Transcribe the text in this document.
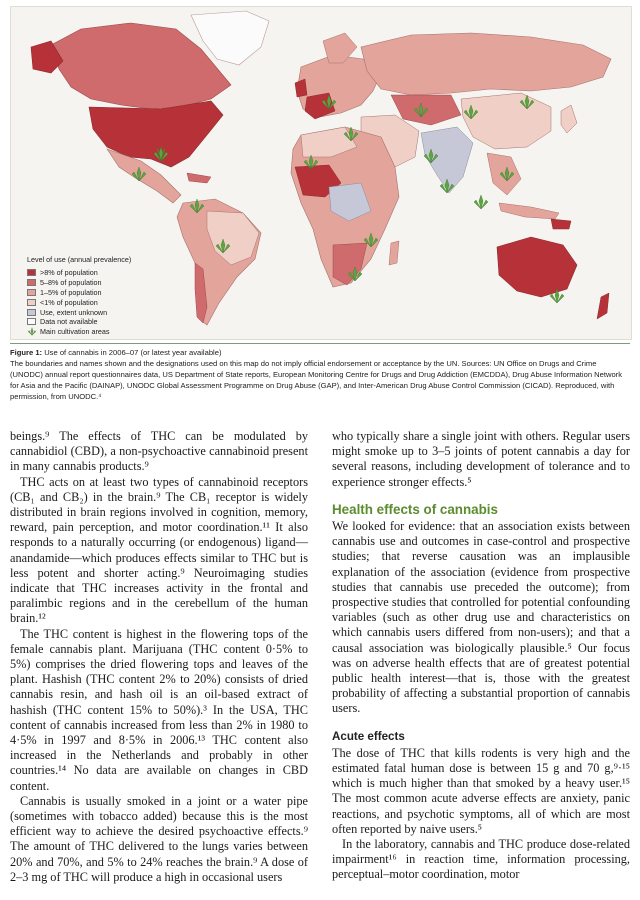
Level of use (annual prevalence)
>8% of population
5–8% of population
1–5% of population
<1% of population
Use, extent unknown
Data not available
Main cultivation areas
Figure 1: Use of cannabis in 2006–07 (or latest year available)
The boundaries and names shown and the designations used on this map do not imply official endorsement or acceptance by the UN. Sources: UN Office on Drugs and Crime (UNODC) annual report questionnaires data, US Department of State reports, European Monitoring Centre for Drugs and Drug Addiction (EMCDDA), Drug Abuse Information Network for Asia and the Pacific (DAINAP), UNODC Global Assessment Programme on Drug Abuse (GAP), and Inter-American Drug Abuse Control Commission (CICAD). Reproduced, with permission, from UNODC.⁴

beings.⁹ The effects of THC can be modulated by cannabidiol (CBD), a non-psychoactive cannabinoid present in many cannabis products.⁹

THC acts on at least two types of cannabinoid receptors (CB₁ and CB₂) in the brain.⁹ The CB₁ receptor is widely distributed in brain regions involved in cognition, memory, reward, pain perception, and motor coordination.¹¹ It also responds to a naturally occurring (or endogenous) ligand—anandamide—which produces effects similar to THC but is less potent and shorter acting.⁹ Neuroimaging studies indicate that THC increases activity in the frontal and paralimbic regions and in the cerebellum of the human brain.¹²

The THC content is highest in the flowering tops of the female cannabis plant. Marijuana (THC content 0·5% to 5%) comprises the dried flowering tops and leaves of the plant. Hashish (THC content 2% to 20%) consists of dried cannabis resin, and hash oil is an oil-based extract of hashish (THC content 15% to 50%).³ In the USA, THC content of cannabis increased from less than 2% in 1980 to 4·5% in 1997 and 8·5% in 2006.¹³ THC content also increased in the Netherlands and probably in other countries.¹⁴ No data are available on changes in CBD content.

Cannabis is usually smoked in a joint or a water pipe (sometimes with tobacco added) because this is the most efficient way to achieve the desired psychoactive effects.⁹ The amount of THC delivered to the lungs varies between 20% and 70%, and 5% to 24% reaches the brain.⁹ A dose of 2–3 mg of THC will produce a high in occasional users

who typically share a single joint with others. Regular users might smoke up to 3–5 joints of potent cannabis a day for several reasons, including development of tolerance and to experience stronger effects.⁵

Health effects of cannabis

We looked for evidence: that an association exists between cannabis use and outcomes in case-control and prospective studies; that reverse causation was an implausible explanation of the association (evidence from prospective studies that cannabis use preceded the outcome); from prospective studies that controlled for potential confounding variables (such as other drug use and characteristics on which cannabis users differed from non-users); and that a causal association was biologically plausible.⁵ Our focus was on adverse health effects that are of greatest potential public health interest—that is, those with the greatest probability of affecting a substantial proportion of cannabis users.

Acute effects

The dose of THC that kills rodents is very high and the estimated fatal human dose is between 15 g and 70 g,⁹·¹⁵ which is much higher than that smoked by a heavy user.¹⁵ The most common acute adverse effects are anxiety, panic reactions, and psychotic symptoms, all of which are most often reported by naive users.⁵

In the laboratory, cannabis and THC produce dose-related impairment¹⁶ in reaction time, information processing, perceptual–motor coordination, motor
